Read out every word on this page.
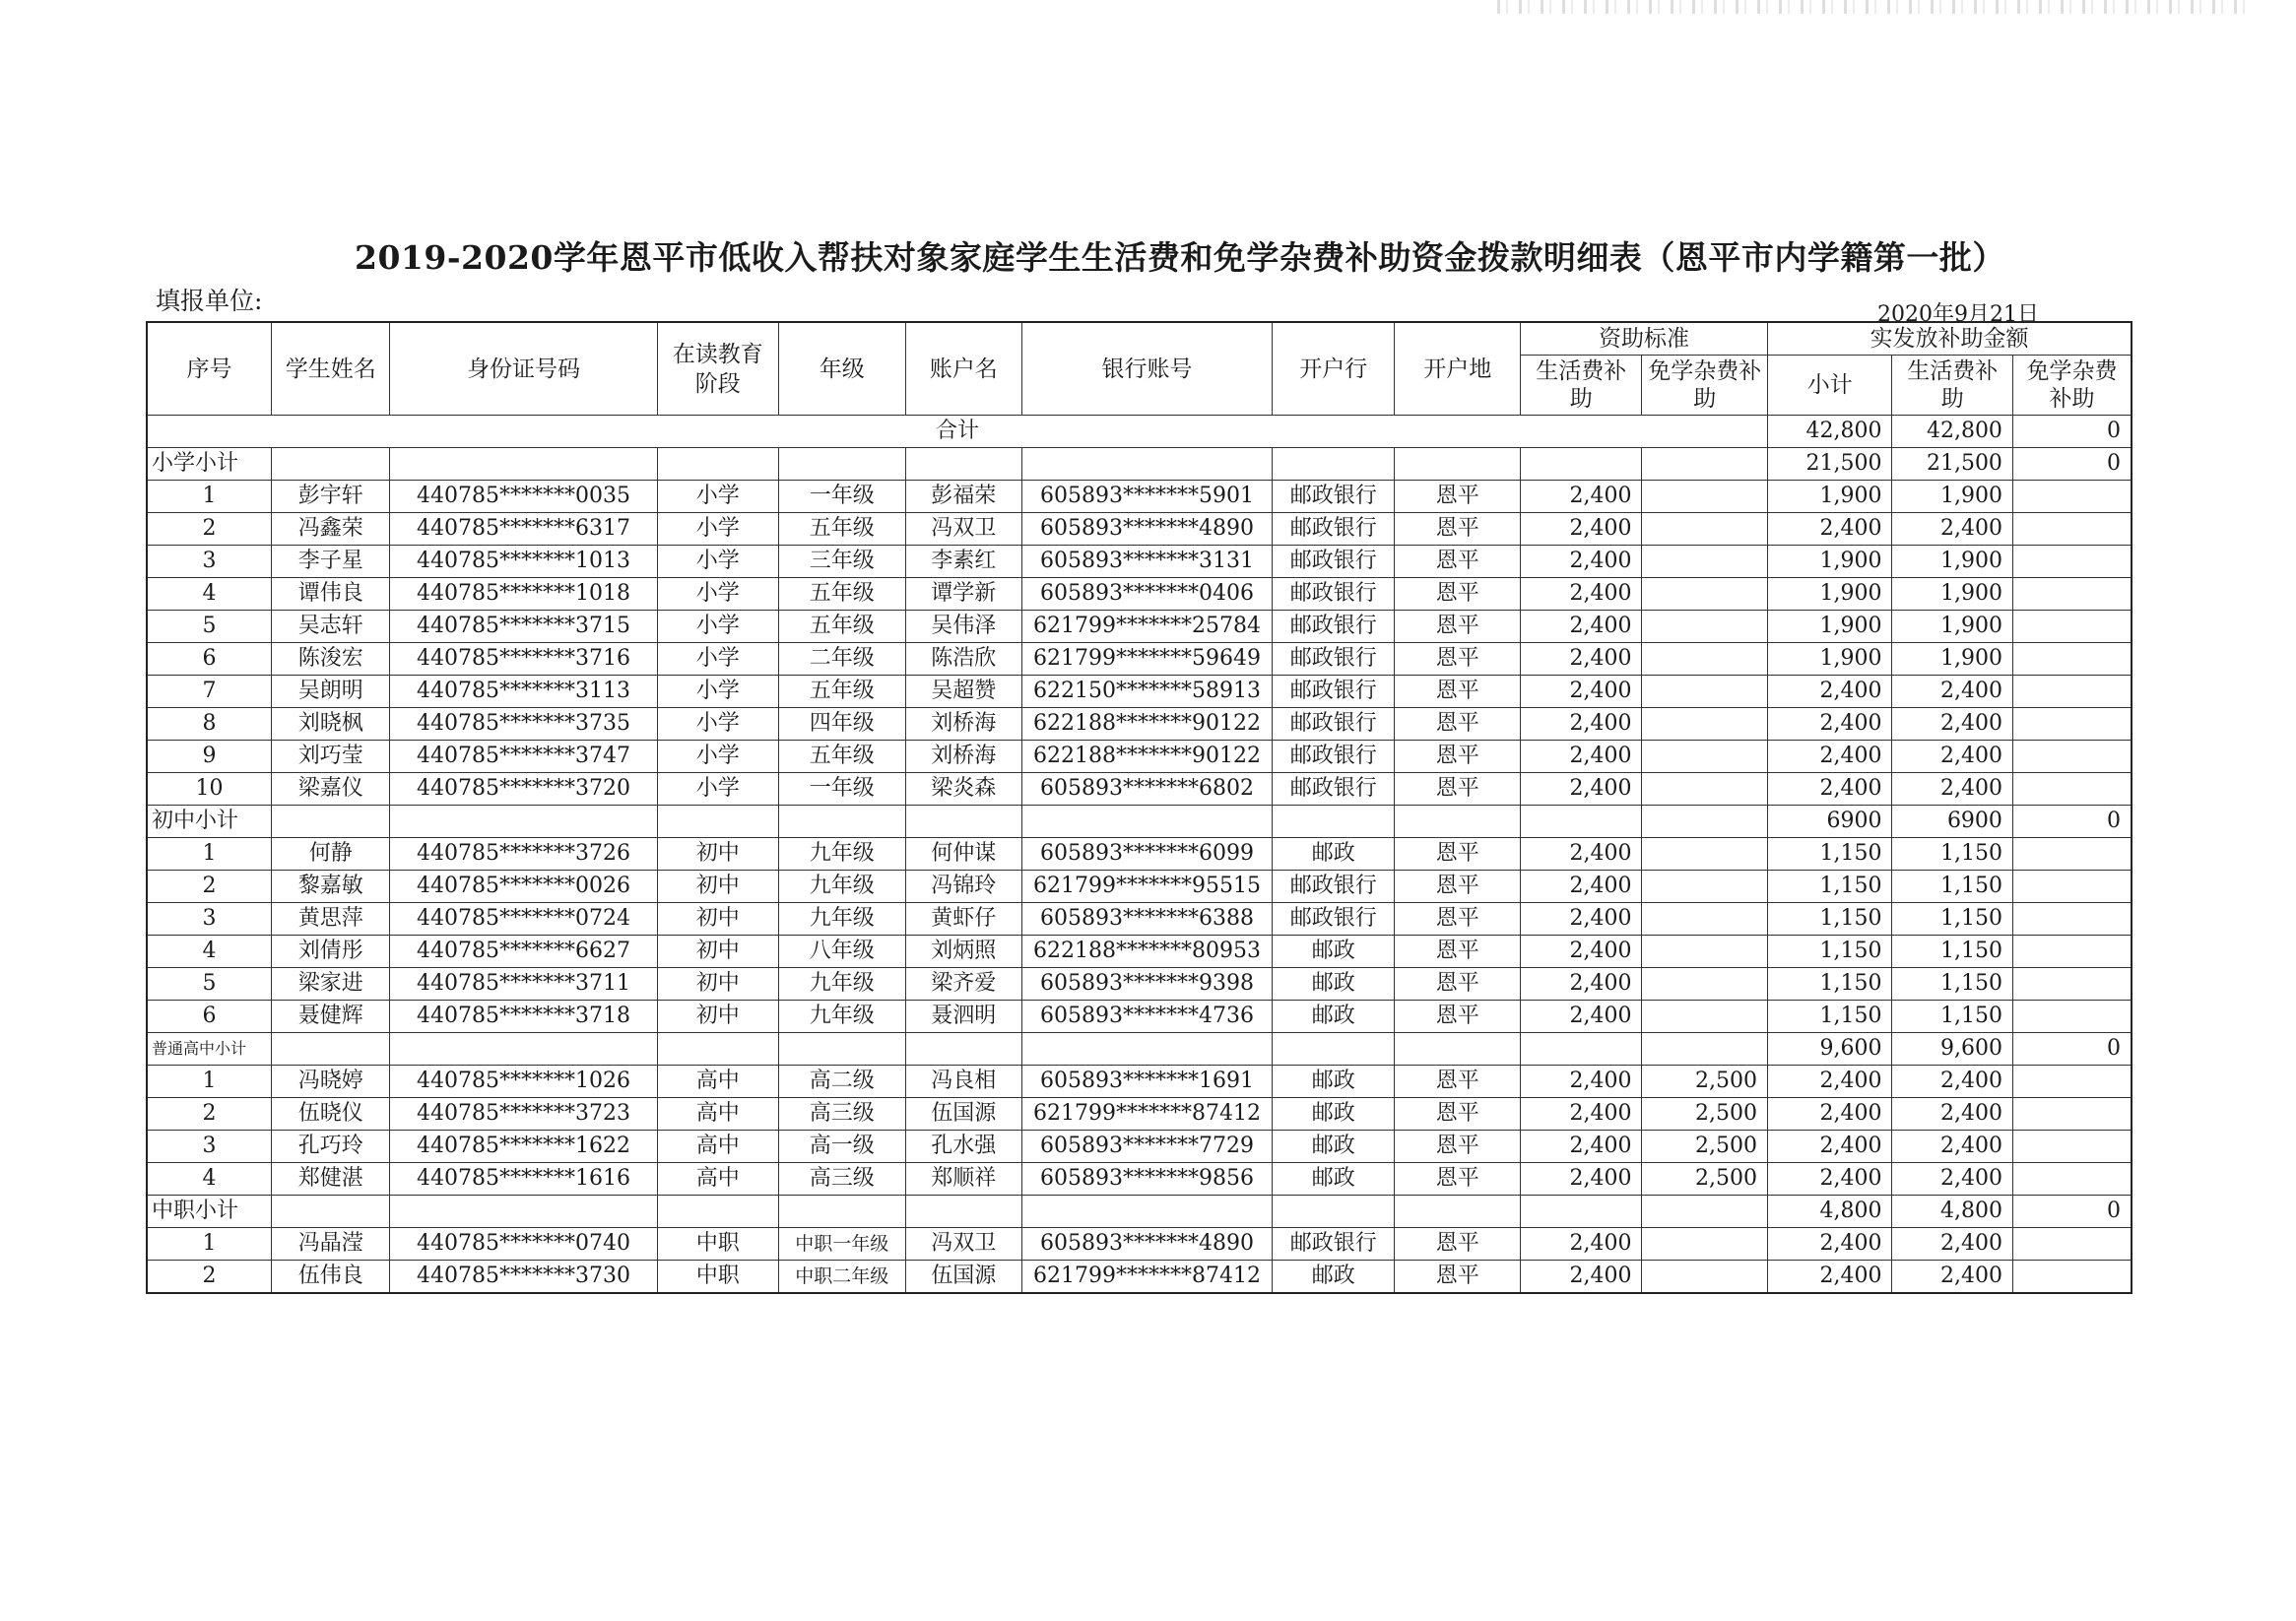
2019-2020学年恩平市低收入帮扶对象家庭学生生活费和免学杂费补助资金拨款明细表（恩平市内学籍第一批）
填报单位:	2020年9月21日
序号	学生姓名	身份证号码	在读教育阶段	年级	账户名	银行账号	开户行	开户地	资助标准		实发放补助金额		
									生活费补助	免学杂费补助	小计	生活费补助	免学杂费补助
合计											42,800	42,800	0
小学小计											21,500	21,500	0
1	彭宇轩	440785*******0035	小学	一年级	彭福荣	605893*******5901	邮政银行	恩平	2,400		1,900	1,900	
2	冯鑫荣	440785*******6317	小学	五年级	冯双卫	605893*******4890	邮政银行	恩平	2,400		2,400	2,400	
3	李子星	440785*******1013	小学	三年级	李素红	605893*******3131	邮政银行	恩平	2,400		1,900	1,900	
4	谭伟良	440785*******1018	小学	五年级	谭学新	605893*******0406	邮政银行	恩平	2,400		1,900	1,900	
5	吴志轩	440785*******3715	小学	五年级	吴伟泽	621799*******25784	邮政银行	恩平	2,400		1,900	1,900	
6	陈浚宏	440785*******3716	小学	二年级	陈浩欣	621799*******59649	邮政银行	恩平	2,400		1,900	1,900	
7	吴朗明	440785*******3113	小学	五年级	吴超赞	622150*******58913	邮政银行	恩平	2,400		2,400	2,400	
8	刘晓枫	440785*******3735	小学	四年级	刘桥海	622188*******90122	邮政银行	恩平	2,400		2,400	2,400	
9	刘巧莹	440785*******3747	小学	五年级	刘桥海	622188*******90122	邮政银行	恩平	2,400		2,400	2,400	
10	梁嘉仪	440785*******3720	小学	一年级	梁炎森	605893*******6802	邮政银行	恩平	2,400		2,400	2,400	
初中小计											6900	6900	0
1	何静	440785*******3726	初中	九年级	何仲谋	605893*******6099	邮政	恩平	2,400		1,150	1,150	
2	黎嘉敏	440785*******0026	初中	九年级	冯锦玲	621799*******95515	邮政银行	恩平	2,400		1,150	1,150	
3	黄思萍	440785*******0724	初中	九年级	黄虾仔	605893*******6388	邮政银行	恩平	2,400		1,150	1,150	
4	刘倩彤	440785*******6627	初中	八年级	刘炳照	622188*******80953	邮政	恩平	2,400		1,150	1,150	
5	梁家进	440785*******3711	初中	九年级	梁齐爱	605893*******9398	邮政	恩平	2,400		1,150	1,150	
6	聂健辉	440785*******3718	初中	九年级	聂泗明	605893*******4736	邮政	恩平	2,400		1,150	1,150	
普通高中小计											9,600	9,600	0
1	冯晓婷	440785*******1026	高中	高二级	冯良相	605893*******1691	邮政	恩平	2,400	2,500	2,400	2,400	
2	伍晓仪	440785*******3723	高中	高三级	伍国源	621799*******87412	邮政	恩平	2,400	2,500	2,400	2,400	
3	孔巧玲	440785*******1622	高中	高一级	孔水强	605893*******7729	邮政	恩平	2,400	2,500	2,400	2,400	
4	郑健湛	440785*******1616	高中	高三级	郑顺祥	605893*******9856	邮政	恩平	2,400	2,500	2,400	2,400	
中职小计											4,800	4,800	0
1	冯晶滢	440785*******0740	中职	中职一年级	冯双卫	605893*******4890	邮政银行	恩平	2,400		2,400	2,400	
2	伍伟良	440785*******3730	中职	中职二年级	伍国源	621799*******87412	邮政	恩平	2,400		2,400	2,400	
